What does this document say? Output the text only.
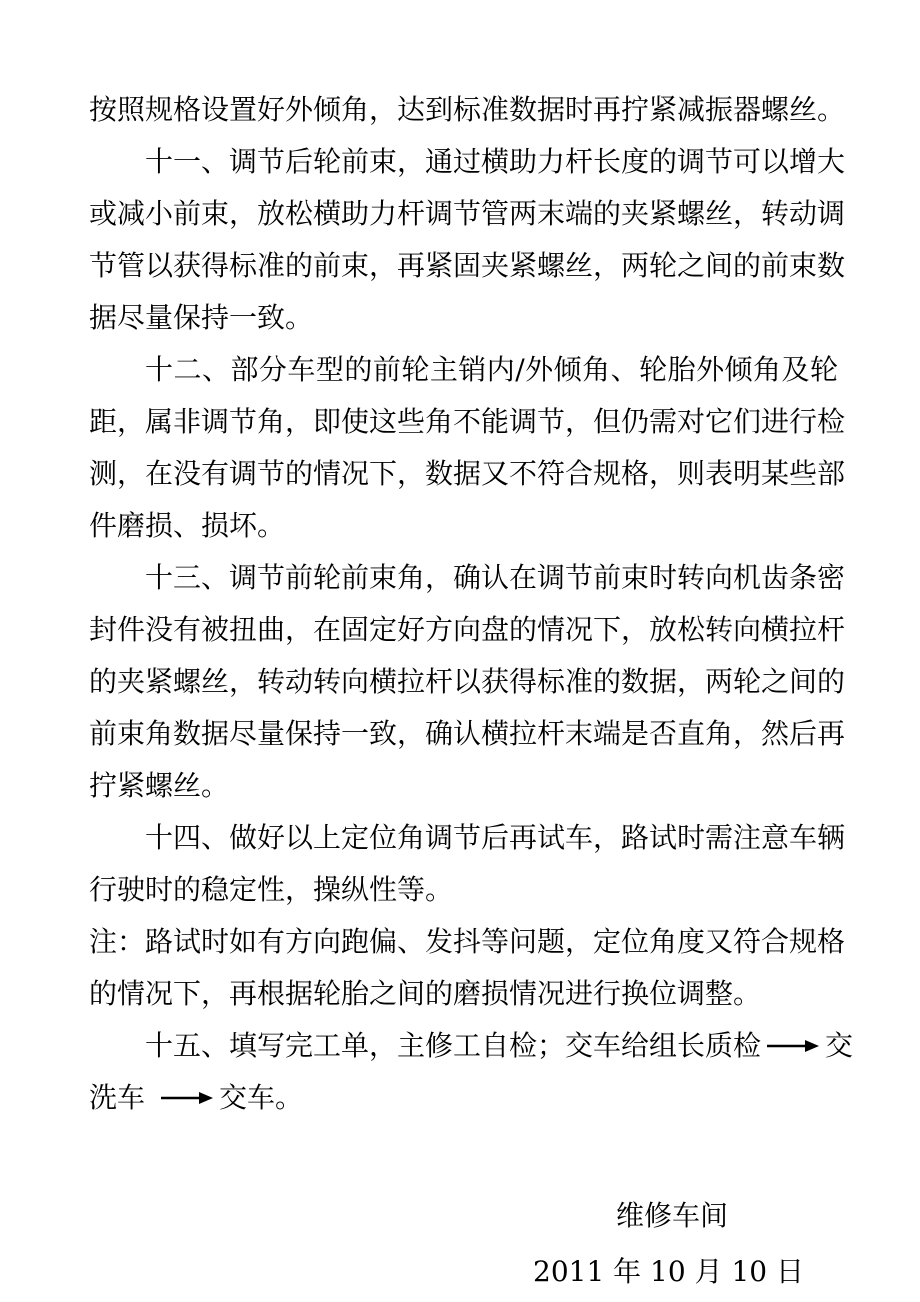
按照规格设置好外倾角，达到标准数据时再拧紧减振器螺丝。
十一、调节后轮前束，通过横助力杆长度的调节可以增大
或减小前束，放松横助力杆调节管两末端的夹紧螺丝，转动调
节管以获得标准的前束，再紧固夹紧螺丝，两轮之间的前束数
据尽量保持一致。
十二、部分车型的前轮主销内/外倾角、轮胎外倾角及轮
距，属非调节角，即使这些角不能调节，但仍需对它们进行检
测，在没有调节的情况下，数据又不符合规格，则表明某些部
件磨损、损坏。
十三、调节前轮前束角，确认在调节前束时转向机齿条密
封件没有被扭曲，在固定好方向盘的情况下，放松转向横拉杆
的夹紧螺丝，转动转向横拉杆以获得标准的数据，两轮之间的
前束角数据尽量保持一致，确认横拉杆末端是否直角，然后再
拧紧螺丝。
十四、做好以上定位角调节后再试车，路试时需注意车辆
行驶时的稳定性，操纵性等。
注：路试时如有方向跑偏、发抖等问题，定位角度又符合规格
的情况下，再根据轮胎之间的磨损情况进行换位调整。
十五、填写完工单，主修工自检；交车给组长质检 交
洗车	交车。
维修车间
2011 年 10 月 10 日
